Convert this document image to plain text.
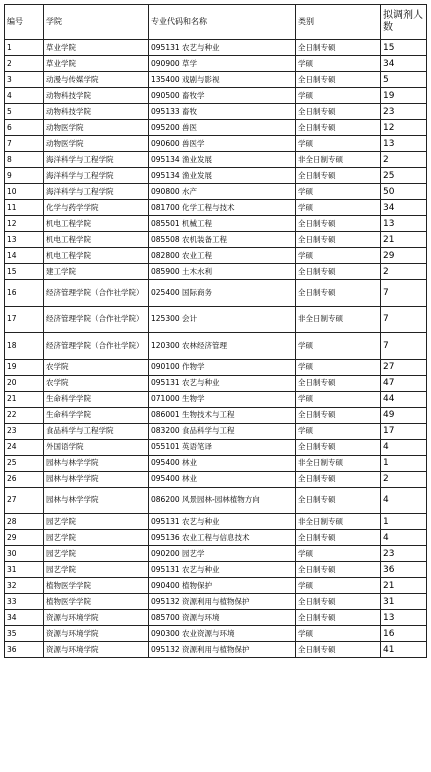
编号	学院	专业代码和名称	类别	拟调剂人数
1	草业学院	095131 农艺与种业	全日制专硕	15
2	草业学院	090900 草学	学硕	34
3	动漫与传媒学院	135400 戏剧与影视	全日制专硕	5
4	动物科技学院	090500 畜牧学	学硕	19
5	动物科技学院	095133 畜牧	全日制专硕	23
6	动物医学院	095200 兽医	全日制专硕	12
7	动物医学院	090600 兽医学	学硕	13
8	海洋科学与工程学院	095134 渔业发展	非全日制专硕	2
9	海洋科学与工程学院	095134 渔业发展	全日制专硕	25
10	海洋科学与工程学院	090800 水产	学硕	50
11	化学与药学学院	081700 化学工程与技术	学硕	34
12	机电工程学院	085501 机械工程	全日制专硕	13
13	机电工程学院	085508 农机装备工程	全日制专硕	21
14	机电工程学院	082800 农业工程	学硕	29
15	建工学院	085900 土木水利	全日制专硕	2
16	经济管理学院（合作社学院）	025400 国际商务	全日制专硕	7
17	经济管理学院（合作社学院）	125300 会计	非全日制专硕	7
18	经济管理学院（合作社学院）	120300 农林经济管理	学硕	7
19	农学院	090100 作物学	学硕	27
20	农学院	095131 农艺与种业	全日制专硕	47
21	生命科学学院	071000 生物学	学硕	44
22	生命科学学院	086001 生物技术与工程	全日制专硕	49
23	食品科学与工程学院	083200 食品科学与工程	学硕	17
24	外国语学院	055101 英语笔译	全日制专硕	4
25	园林与林学学院	095400 林业	非全日制专硕	1
26	园林与林学学院	095400 林业	全日制专硕	2
27	园林与林学学院	086200 风景园林-园林植物方向	全日制专硕	4
28	园艺学院	095131 农艺与种业	非全日制专硕	1
29	园艺学院	095136 农业工程与信息技术	全日制专硕	4
30	园艺学院	090200 园艺学	学硕	23
31	园艺学院	095131 农艺与种业	全日制专硕	36
32	植物医学学院	090400 植物保护	学硕	21
33	植物医学学院	095132 资源利用与植物保护	全日制专硕	31
34	资源与环境学院	085700 资源与环境	全日制专硕	13
35	资源与环境学院	090300 农业资源与环境	学硕	16
36	资源与环境学院	095132 资源利用与植物保护	全日制专硕	41
